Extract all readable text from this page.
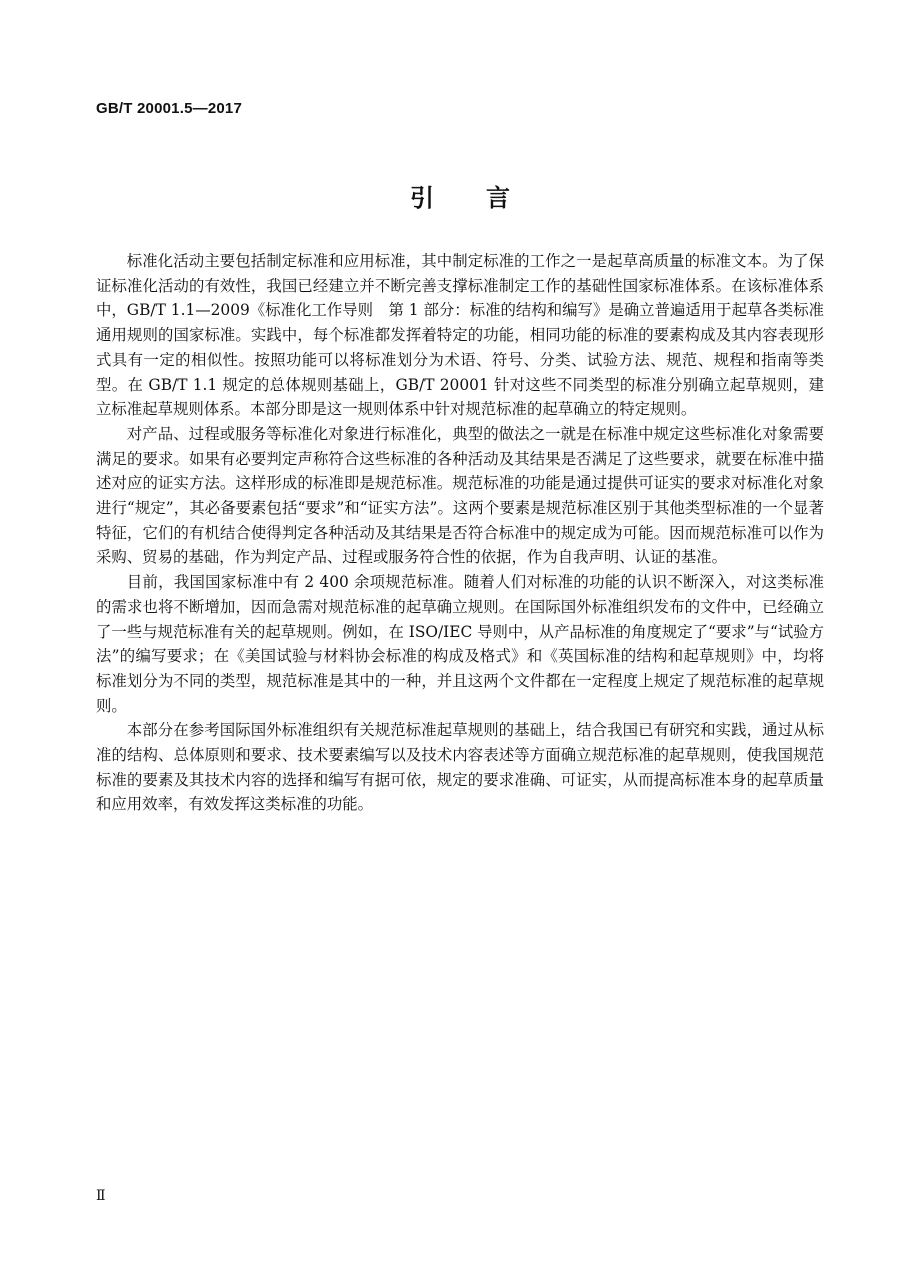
GB/T 20001.5—2017
引言

标准化活动主要包括制定标准和应用标准，其中制定标准的工作之一是起草高质量的标准文本。为了保证标准化活动的有效性，我国已经建立并不断完善支撑标准制定工作的基础性国家标准体系。在该标准体系中，GB/T 1.1—2009《标准化工作导则　第 1 部分：标准的结构和编写》是确立普遍适用于起草各类标准通用规则的国家标准。实践中，每个标准都发挥着特定的功能，相同功能的标准的要素构成及其内容表现形式具有一定的相似性。按照功能可以将标准划分为术语、符号、分类、试验方法、规范、规程和指南等类型。在 GB/T 1.1 规定的总体规则基础上，GB/T 20001 针对这些不同类型的标准分别确立起草规则，建立标准起草规则体系。本部分即是这一规则体系中针对规范标准的起草确立的特定规则。

对产品、过程或服务等标准化对象进行标准化，典型的做法之一就是在标准中规定这些标准化对象需要满足的要求。如果有必要判定声称符合这些标准的各种活动及其结果是否满足了这些要求，就要在标准中描述对应的证实方法。这样形成的标准即是规范标准。规范标准的功能是通过提供可证实的要求对标准化对象进行“规定”，其必备要素包括“要求”和“证实方法”。这两个要素是规范标准区别于其他类型标准的一个显著特征，它们的有机结合使得判定各种活动及其结果是否符合标准中的规定成为可能。因而规范标准可以作为采购、贸易的基础，作为判定产品、过程或服务符合性的依据，作为自我声明、认证的基准。

目前，我国国家标准中有 2 400 余项规范标准。随着人们对标准的功能的认识不断深入，对这类标准的需求也将不断增加，因而急需对规范标准的起草确立规则。在国际国外标准组织发布的文件中，已经确立了一些与规范标准有关的起草规则。例如，在 ISO/IEC 导则中，从产品标准的角度规定了“要求”与“试验方法”的编写要求；在《美国试验与材料协会标准的构成及格式》和《英国标准的结构和起草规则》中，均将标准划分为不同的类型，规范标准是其中的一种，并且这两个文件都在一定程度上规定了规范标准的起草规则。

本部分在参考国际国外标准组织有关规范标准起草规则的基础上，结合我国已有研究和实践，通过从标准的结构、总体原则和要求、技术要素编写以及技术内容表述等方面确立规范标准的起草规则，使我国规范标准的要素及其技术内容的选择和编写有据可依，规定的要求准确、可证实，从而提高标准本身的起草质量和应用效率，有效发挥这类标准的功能。

Ⅱ
